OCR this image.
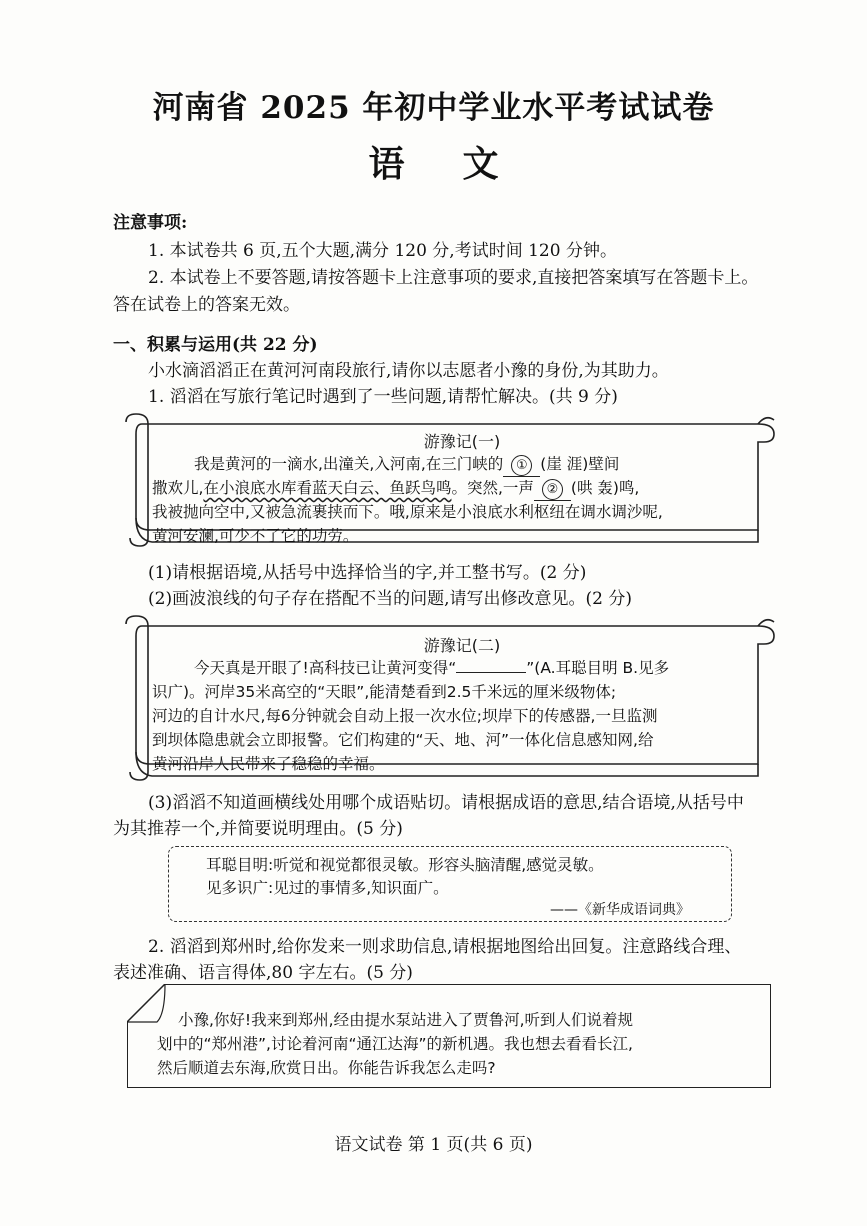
河南省 2025 年初中学业水平考试试卷
语文
注意事项:
1. 本试卷共 6 页,五个大题,满分 120 分,考试时间 120 分钟。
2. 本试卷上不要答题,请按答题卡上注意事项的要求,直接把答案填写在答题卡上。
答在试卷上的答案无效。
一、积累与运用(共 22 分)
小水滴滔滔正在黄河河南段旅行,请你以志愿者小豫的身份,为其助力。
1. 滔滔在写旅行笔记时遇到了一些问题,请帮忙解决。(共 9 分)
游豫记(一)
我是黄河的一滴水,出潼关,入河南,在三门峡的 ① (崖 涯)壁间
撒欢儿,在小浪底水库看蓝天白云、鱼跃鸟鸣。突然,一声 ② (哄 轰)鸣,
我被抛向空中,又被急流裹挟而下。哦,原来是小浪底水利枢纽在调水调沙呢,
黄河安澜,可少不了它的功劳。
(1)请根据语境,从括号中选择恰当的字,并工整书写。(2 分)
(2)画波浪线的句子存在搭配不当的问题,请写出修改意见。(2 分)
游豫记(二)
今天真是开眼了!高科技已让黄河变得“	”(A.耳聪目明 B.见多
识广)。河岸35米高空的“天眼”,能清楚看到2.5千米远的厘米级物体;
河边的自计水尺,每6分钟就会自动上报一次水位;坝岸下的传感器,一旦监测
到坝体隐患就会立即报警。它们构建的“天、地、河”一体化信息感知网,给
黄河沿岸人民带来了稳稳的幸福。
(3)滔滔不知道画横线处用哪个成语贴切。请根据成语的意思,结合语境,从括号中
为其推荐一个,并简要说明理由。(5 分)
耳聪目明:听觉和视觉都很灵敏。形容头脑清醒,感觉灵敏。
见多识广:见过的事情多,知识面广。
——《新华成语词典》
2. 滔滔到郑州时,给你发来一则求助信息,请根据地图给出回复。注意路线合理、
表述准确、语言得体,80 字左右。(5 分)
小豫,你好!我来到郑州,经由提水泵站进入了贾鲁河,听到人们说着规
划中的“郑州港”,讨论着河南“通江达海”的新机遇。我也想去看看长江,
然后顺道去东海,欣赏日出。你能告诉我怎么走吗?
语文试卷 第 1 页(共 6 页)
